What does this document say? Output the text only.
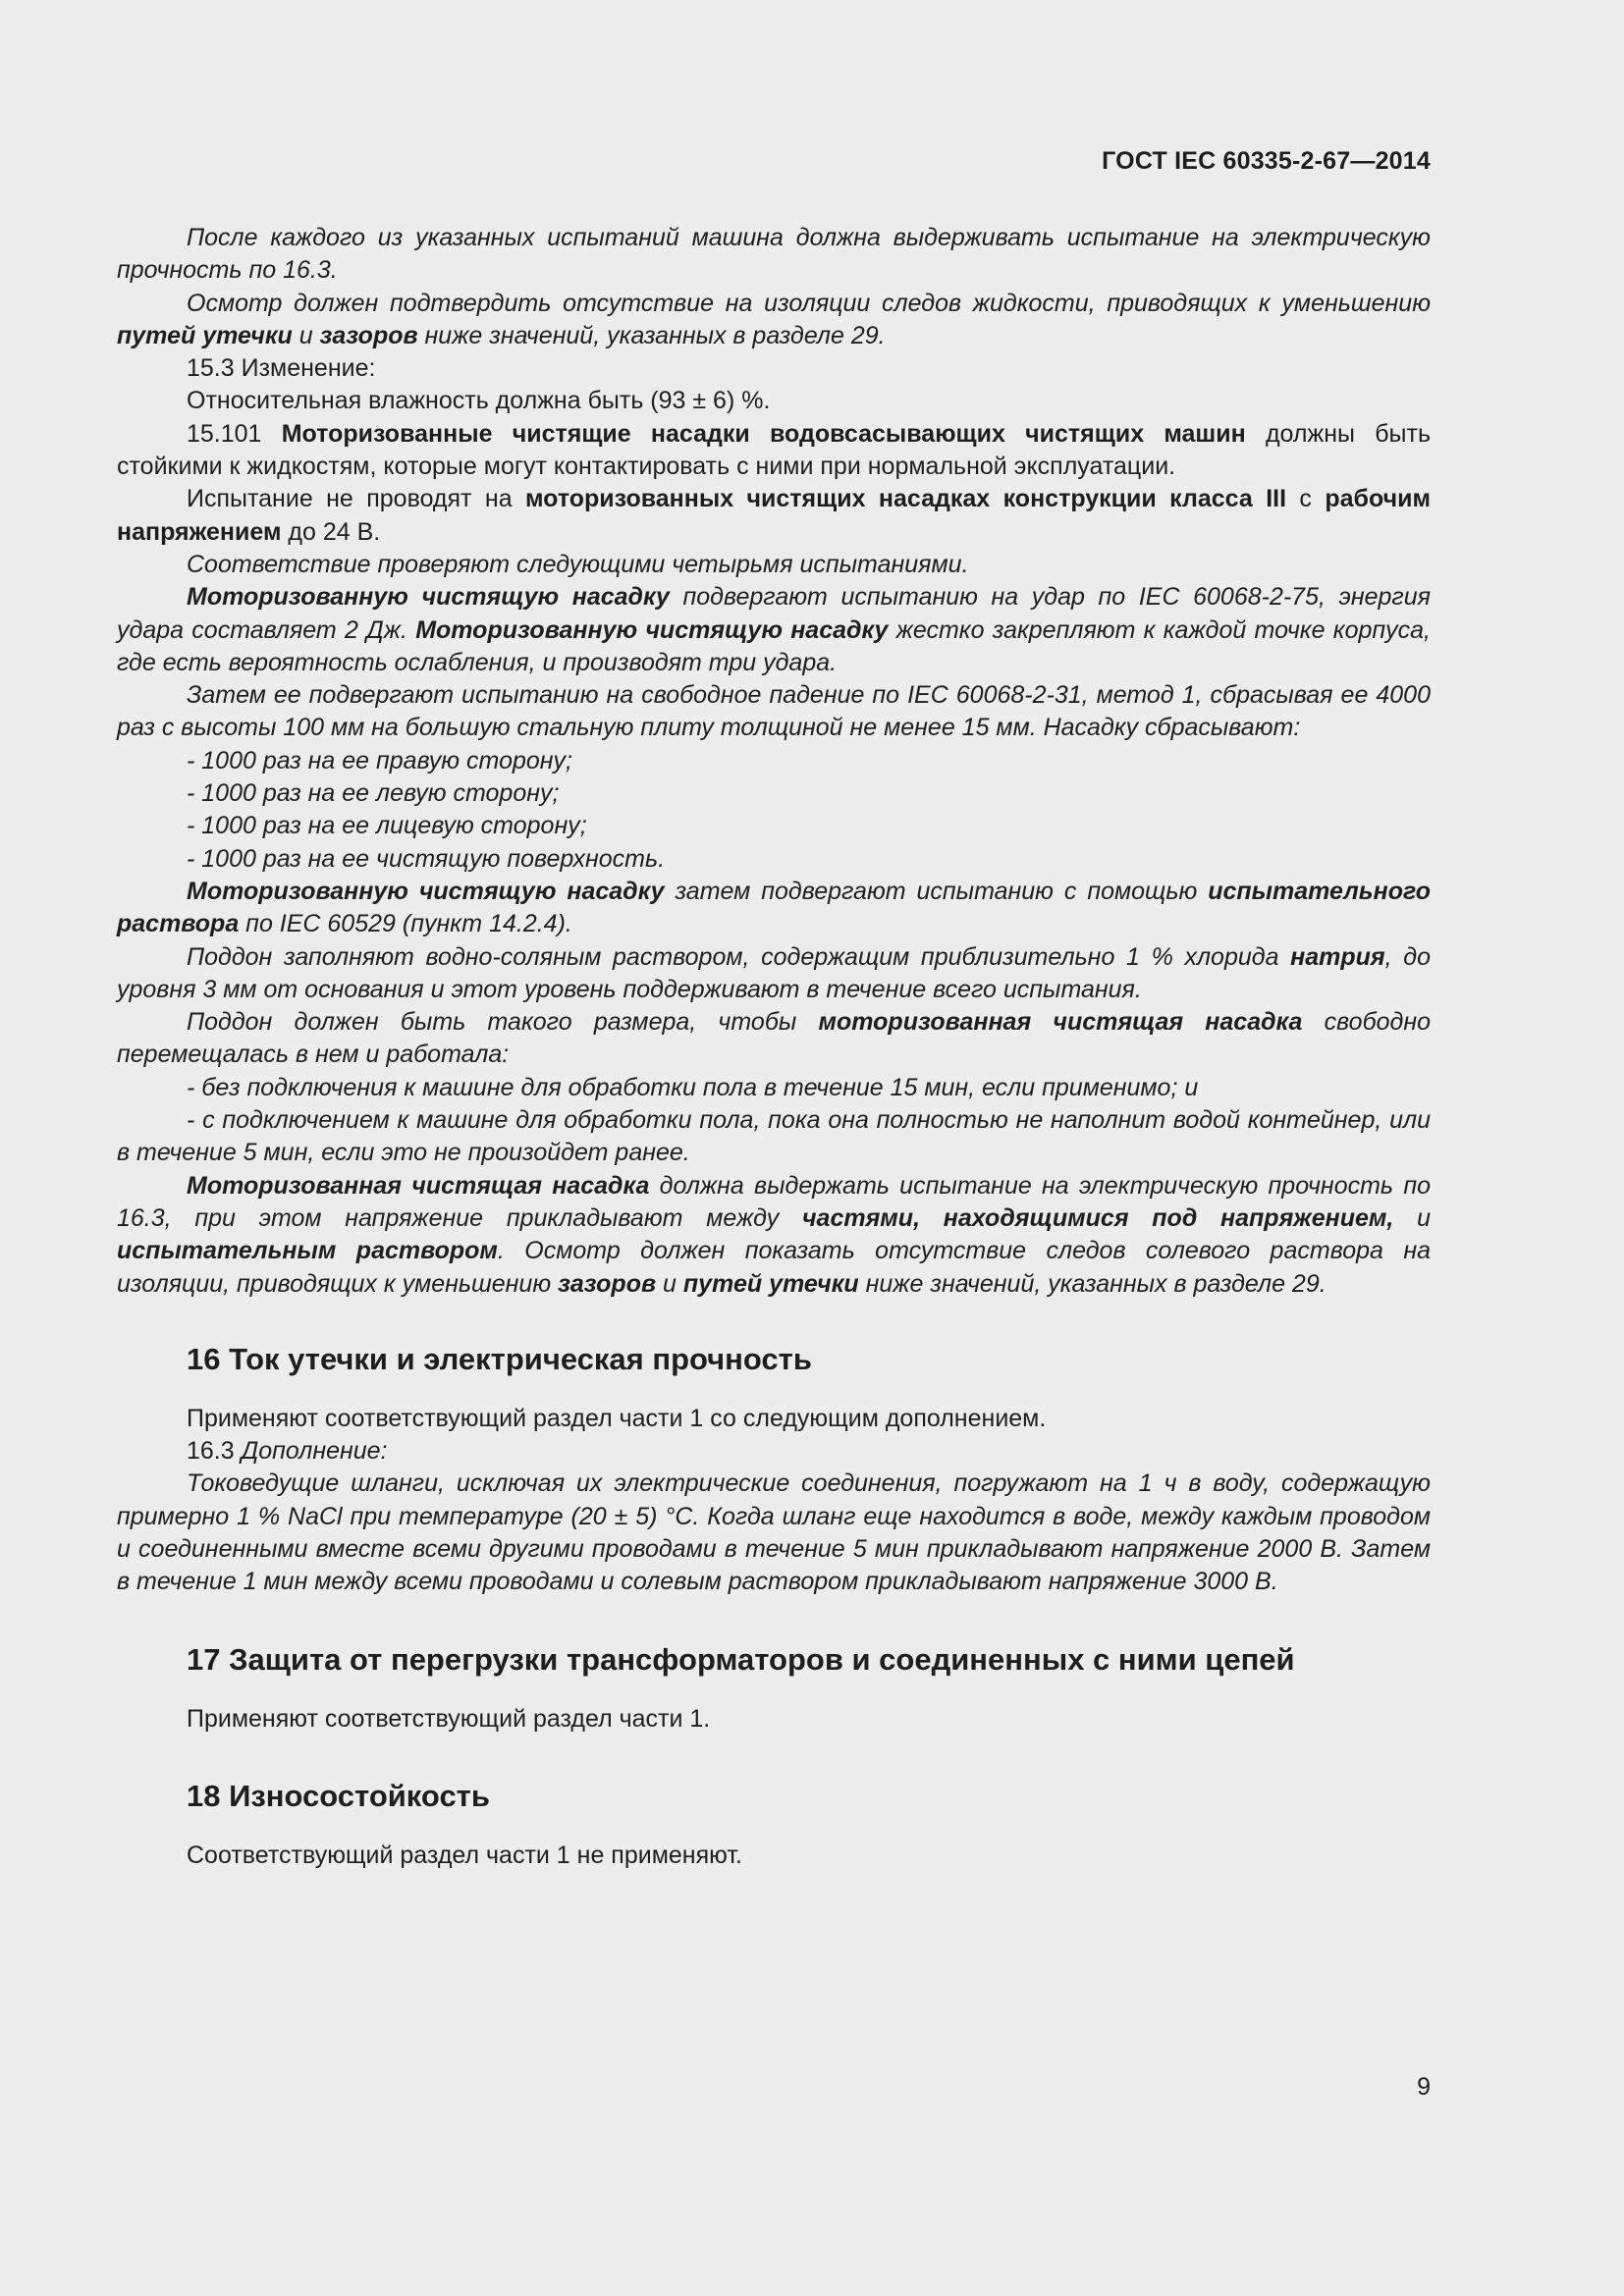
ГОСТ IEC 60335-2-67—2014

После каждого из указанных испытаний машина должна выдерживать испытание на электрическую прочность по 16.3.

Осмотр должен подтвердить отсутствие на изоляции следов жидкости, приводящих к уменьшению путей утечки и зазоров ниже значений, указанных в разделе 29.

15.3 Изменение:

Относительная влажность должна быть (93 ± 6) %.

15.101 Моторизованные чистящие насадки водовсасывающих чистящих машин должны быть стойкими к жидкостям, которые могут контактировать с ними при нормальной эксплуатации.

Испытание не проводят на моторизованных чистящих насадках конструкции класса III с рабочим напряжением до 24 В.

Соответствие проверяют следующими четырьмя испытаниями.

Моторизованную чистящую насадку подвергают испытанию на удар по IEC 60068-2-75, энергия удара составляет 2 Дж. Моторизованную чистящую насадку жестко закрепляют к каждой точке корпуса, где есть вероятность ослабления, и производят три удара.

Затем ее подвергают испытанию на свободное падение по IEC 60068-2-31, метод 1, сбрасывая ее 4000 раз с высоты 100 мм на большую стальную плиту толщиной не менее 15 мм. Насадку сбрасывают:

- 1000 раз на ее правую сторону;

- 1000 раз на ее левую сторону;

- 1000 раз на ее лицевую сторону;

- 1000 раз на ее чистящую поверхность.

Моторизованную чистящую насадку затем подвергают испытанию с помощью испытательного раствора по IEC 60529 (пункт 14.2.4).

Поддон заполняют водно-соляным раствором, содержащим приблизительно 1 % хлорида натрия, до уровня 3 мм от основания и этот уровень поддерживают в течение всего испытания.

Поддон должен быть такого размера, чтобы моторизованная чистящая насадка свободно перемещалась в нем и работала:

- без подключения к машине для обработки пола в течение 15 мин, если применимо; и

- с подключением к машине для обработки пола, пока она полностью не наполнит водой контейнер, или в течение 5 мин, если это не произойдет ранее.

Моторизованная чистящая насадка должна выдержать испытание на электрическую прочность по 16.3, при этом напряжение прикладывают между частями, находящимися под напряжением, и испытательным раствором. Осмотр должен показать отсутствие следов солевого раствора на изоляции, приводящих к уменьшению зазоров и путей утечки ниже значений, указанных в разделе 29.

16 Ток утечки и электрическая прочность

Применяют соответствующий раздел части 1 со следующим дополнением.

16.3 Дополнение:

Токоведущие шланги, исключая их электрические соединения, погружают на 1 ч в воду, содержащую примерно 1 % NaCl при температуре (20 ± 5) °C. Когда шланг еще находится в воде, между каждым проводом и соединенными вместе всеми другими проводами в течение 5 мин прикладывают напряжение 2000 В. Затем в течение 1 мин между всеми проводами и солевым раствором прикладывают напряжение 3000 В.

17 Защита от перегрузки трансформаторов и соединенных с ними цепей

Применяют соответствующий раздел части 1.

18 Износостойкость

Соответствующий раздел части 1 не применяют.

9
